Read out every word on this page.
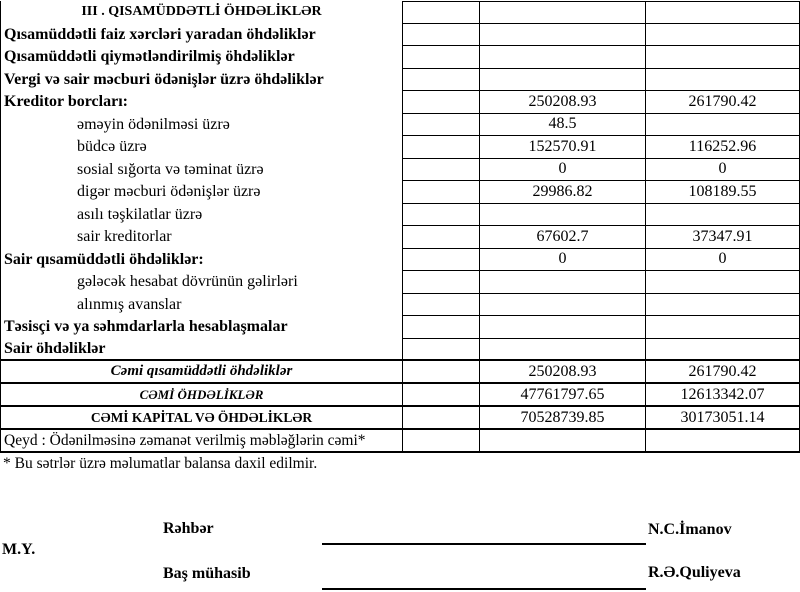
III . QISAMÜDDƏTLİ ÖHDƏLİKLƏR
Qısamüddətli faiz xərcləri yaradan öhdəliklər
Qısamüddətli qiymətləndirilmiş öhdəliklər
Vergi və sair məcburi ödənişlər üzrə öhdəliklər
Kreditor borcları:	250208.93	261790.42
əməyin ödənilməsi üzrə	48.5
büdcə üzrə	152570.91	116252.96
sosial sığorta və təminat üzrə	0	0
digər məcburi ödənişlər üzrə	29986.82	108189.55
asılı təşkilatlar üzrə
sair kreditorlar	67602.7	37347.91
Sair qısamüddətli öhdəliklər:	0	0
gələcək hesabat dövrünün gəlirləri
alınmış avanslar
Təsisçi və ya səhmdarlarla hesablaşmalar
Sair öhdəliklər
Cəmi qısamüddətli öhdəliklər	250208.93	261790.42
CƏMİ ÖHDƏLİKLƏR	47761797.65	12613342.07
CƏMİ KAPİTAL VƏ ÖHDƏLİKLƏR	70528739.85	30173051.14
Qeyd : Ödənilməsinə zəmanət verilmiş məbləğlərin cəmi*
* Bu sətrlər üzrə məlumatlar balansa daxil edilmir.
M.Y.
Rəhbər	N.C.İmanov
Baş mühasib	R.Ə.Quliyeva
